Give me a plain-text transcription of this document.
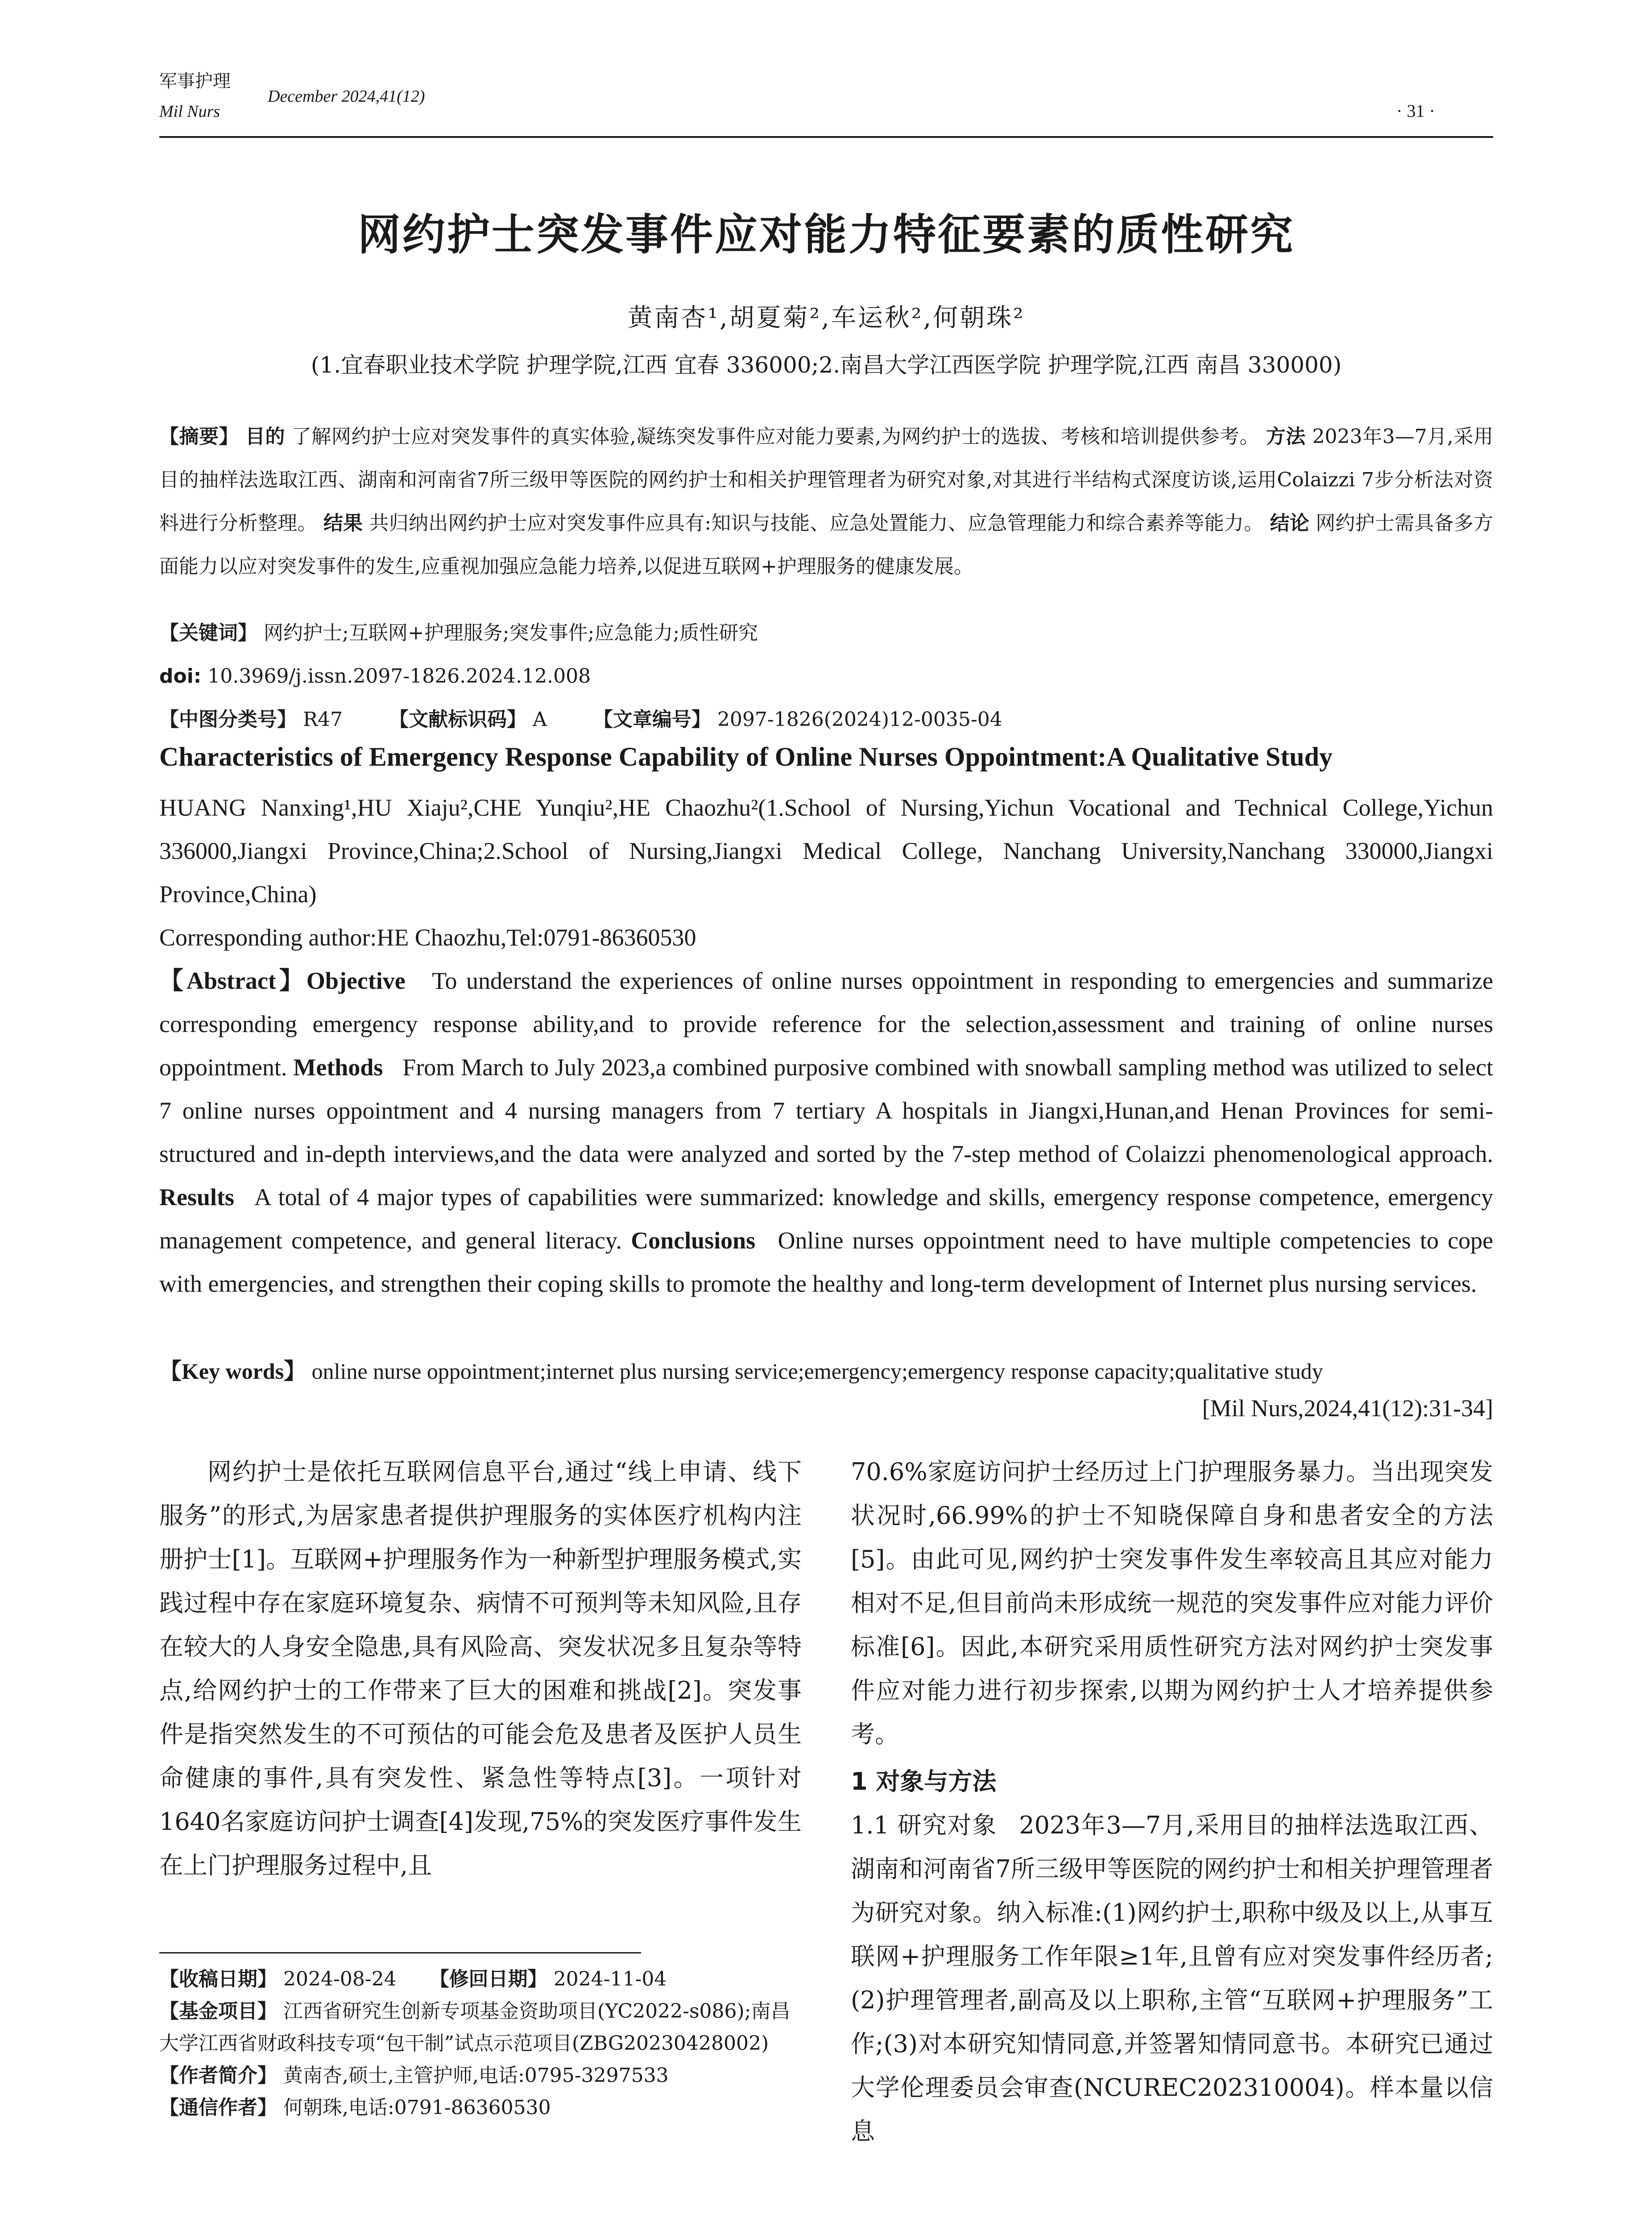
军事护理
Mil Nurs
December 2024,41(12)
· 31 ·
网约护士突发事件应对能力特征要素的质性研究
黄南杏¹,胡夏菊²,车运秋²,何朝珠²
(1.宜春职业技术学院 护理学院,江西 宜春 336000;2.南昌大学江西医学院 护理学院,江西 南昌 330000)
【摘要】 目的 了解网约护士应对突发事件的真实体验,凝练突发事件应对能力要素,为网约护士的选拔、考核和培训提供参考。 方法 2023年3—7月,采用目的抽样法选取江西、湖南和河南省7所三级甲等医院的网约护士和相关护理管理者为研究对象,对其进行半结构式深度访谈,运用Colaizzi 7步分析法对资料进行分析整理。 结果 共归纳出网约护士应对突发事件应具有:知识与技能、应急处置能力、应急管理能力和综合素养等能力。 结论 网约护士需具备多方面能力以应对突发事件的发生,应重视加强应急能力培养,以促进互联网+护理服务的健康发展。
【关键词】 网约护士;互联网+护理服务;突发事件;应急能力;质性研究
doi: 10.3969/j.issn.2097-1826.2024.12.008
【中图分类号】 R47 【文献标识码】 A 【文章编号】 2097-1826(2024)12-0035-04
Characteristics of Emergency Response Capability of Online Nurses Oppointment:A Qualitative Study
HUANG Nanxing¹,HU Xiaju²,CHE Yunqiu²,HE Chaozhu²(1.School of Nursing,Yichun Vocational and Technical College,Yichun 336000,Jiangxi Province,China;2.School of Nursing,Jiangxi Medical College, Nanchang University,Nanchang 330000,Jiangxi Province,China)
Corresponding author:HE Chaozhu,Tel:0791-86360530
【Abstract】Objective To understand the experiences of online nurses oppointment in responding to emergencies and summarize corresponding emergency response ability,and to provide reference for the selection,assessment and training of online nurses oppointment. Methods From March to July 2023,a combined purposive combined with snowball sampling method was utilized to select 7 online nurses oppointment and 4 nursing managers from 7 tertiary A hospitals in Jiangxi,Hunan,and Henan Provinces for semi-structured and in-depth interviews,and the data were analyzed and sorted by the 7-step method of Colaizzi phenomenological approach. Results A total of 4 major types of capabilities were summarized: knowledge and skills, emergency response competence, emergency management competence, and general literacy. Conclusions Online nurses oppointment need to have multiple competencies to cope with emergencies, and strengthen their coping skills to promote the healthy and long-term development of Internet plus nursing services.
【Key words】 online nurse oppointment;internet plus nursing service;emergency;emergency response capacity;qualitative study
[Mil Nurs,2024,41(12):31-34]
网约护士是依托互联网信息平台,通过“线上申请、线下服务”的形式,为居家患者提供护理服务的实体医疗机构内注册护士[1]。互联网+护理服务作为一种新型护理服务模式,实践过程中存在家庭环境复杂、病情不可预判等未知风险,且存在较大的人身安全隐患,具有风险高、突发状况多且复杂等特点,给网约护士的工作带来了巨大的困难和挑战[2]。突发事件是指突然发生的不可预估的可能会危及患者及医护人员生命健康的事件,具有突发性、紧急性等特点[3]。一项针对1640名家庭访问护士调查[4]发现,75%的突发医疗事件发生在上门护理服务过程中,且
70.6%家庭访问护士经历过上门护理服务暴力。当出现突发状况时,66.99%的护士不知晓保障自身和患者安全的方法[5]。由此可见,网约护士突发事件发生率较高且其应对能力相对不足,但目前尚未形成统一规范的突发事件应对能力评价标准[6]。因此,本研究采用质性研究方法对网约护士突发事件应对能力进行初步探索,以期为网约护士人才培养提供参考。
1 对象与方法
1.1 研究对象 2023年3—7月,采用目的抽样法选取江西、湖南和河南省7所三级甲等医院的网约护士和相关护理管理者为研究对象。纳入标准:(1)网约护士,职称中级及以上,从事互联网+护理服务工作年限≥1年,且曾有应对突发事件经历者;(2)护理管理者,副高及以上职称,主管“互联网+护理服务”工作;(3)对本研究知情同意,并签署知情同意书。本研究已通过大学伦理委员会审查(NCUREC202310004)。样本量以信息
【收稿日期】 2024-08-24 【修回日期】 2024-11-04
【基金项目】 江西省研究生创新专项基金资助项目(YC2022-s086);南昌大学江西省财政科技专项“包干制”试点示范项目(ZBG20230428002)
【作者简介】 黄南杏,硕士,主管护师,电话:0795-3297533
【通信作者】 何朝珠,电话:0791-86360530
